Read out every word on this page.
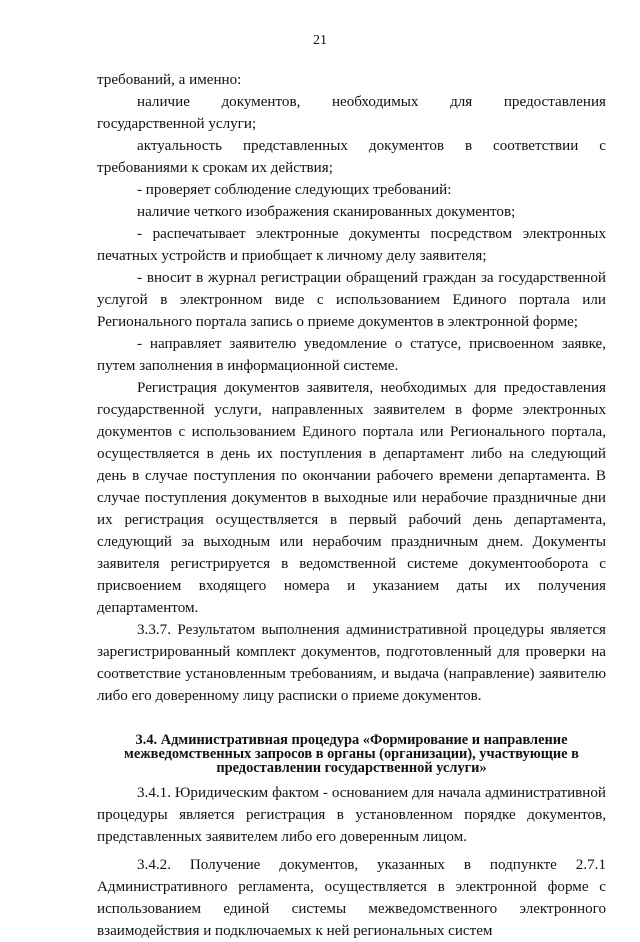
21

требований, а именно:

наличие документов, необходимых для предоставления государственной услуги;

актуальность представленных документов в соответствии с требованиями к срокам их действия;

- проверяет соблюдение следующих требований:

наличие четкого изображения сканированных документов;

- распечатывает электронные документы посредством электронных печатных устройств и приобщает к личному делу заявителя;

- вносит в журнал регистрации обращений граждан за государственной услугой в электронном виде с использованием Единого портала или Регионального портала запись о приеме документов в электронной форме;

- направляет заявителю уведомление о статусе, присвоенном заявке, путем заполнения в информационной системе.

Регистрация документов заявителя, необходимых для предоставления государственной услуги, направленных заявителем в форме электронных документов с использованием Единого портала или Регионального портала, осуществляется в день их поступления в департамент либо на следующий день в случае поступления по окончании рабочего времени департамента. В случае поступления документов в выходные или нерабочие праздничные дни их регистрация осуществляется в первый рабочий день департамента, следующий за выходным или нерабочим праздничным днем. Документы заявителя регистрируется в ведомственной системе документооборота с присвоением входящего номера и указанием даты их получения департаментом.

3.3.7. Результатом выполнения административной процедуры является зарегистрированный комплект документов, подготовленный для проверки на соответствие установленным требованиям, и выдача (направление) заявителю либо его доверенному лицу расписки о приеме документов.

3.4. Административная процедура «Формирование и направление
межведомственных запросов в органы (организации), участвующие в
предоставлении государственной услуги»

3.4.1. Юридическим фактом - основанием для начала административной процедуры является регистрация в установленном порядке документов, представленных заявителем либо его доверенным лицом.

3.4.2. Получение документов, указанных в подпункте 2.7.1 Административного регламента, осуществляется в электронной форме с использованием единой системы межведомственного электронного взаимодействия и подключаемых к ней региональных систем
